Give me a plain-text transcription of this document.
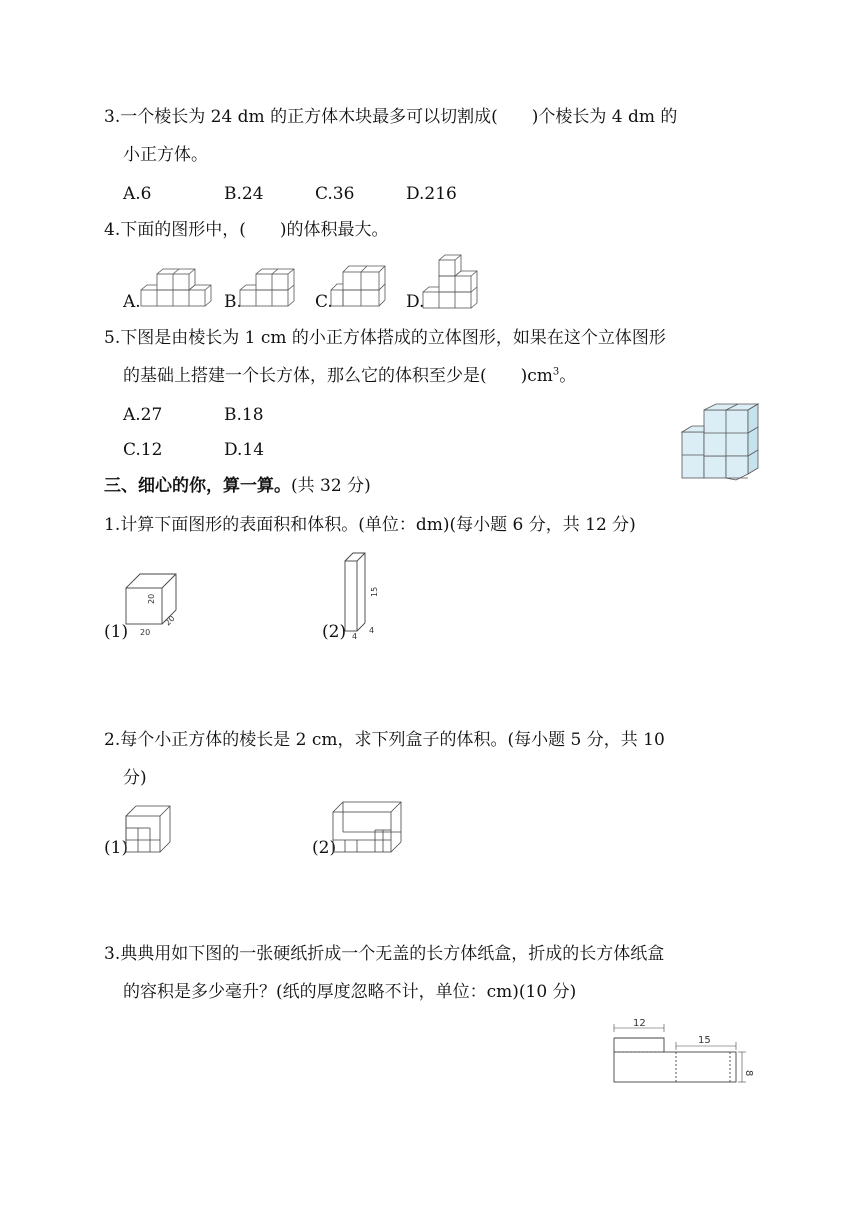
3.一个棱长为 24 dm 的正方体木块最多可以切割成(　　)个棱长为 4 dm 的
小正方体。
A.6	B.24	C.36	D.216
4.下面的图形中，(　　)的体积最大。
A.	B.	C.	D.
5.下图是由棱长为 1 cm 的小正方体搭成的立体图形，如果在这个立体图形
的基础上搭建一个长方体，那么它的体积至少是(　　)$cm^3$。
A.27	B.18
C.12	D.14
三、细心的你，算一算。(共 32 分)
1.计算下面图形的表面积和体积。(单位：dm)(每小题 6 分，共 12 分)
(1)	(2)
20
20
20
4
15
4
2.每个小正方体的棱长是 2 cm，求下列盒子的体积。(每小题 5 分，共 10
分)
(1)	(2)
3.典典用如下图的一张硬纸折成一个无盖的长方体纸盒，折成的长方体纸盒
的容积是多少毫升？(纸的厚度忽略不计，单位：cm)(10 分)
12
15
8
